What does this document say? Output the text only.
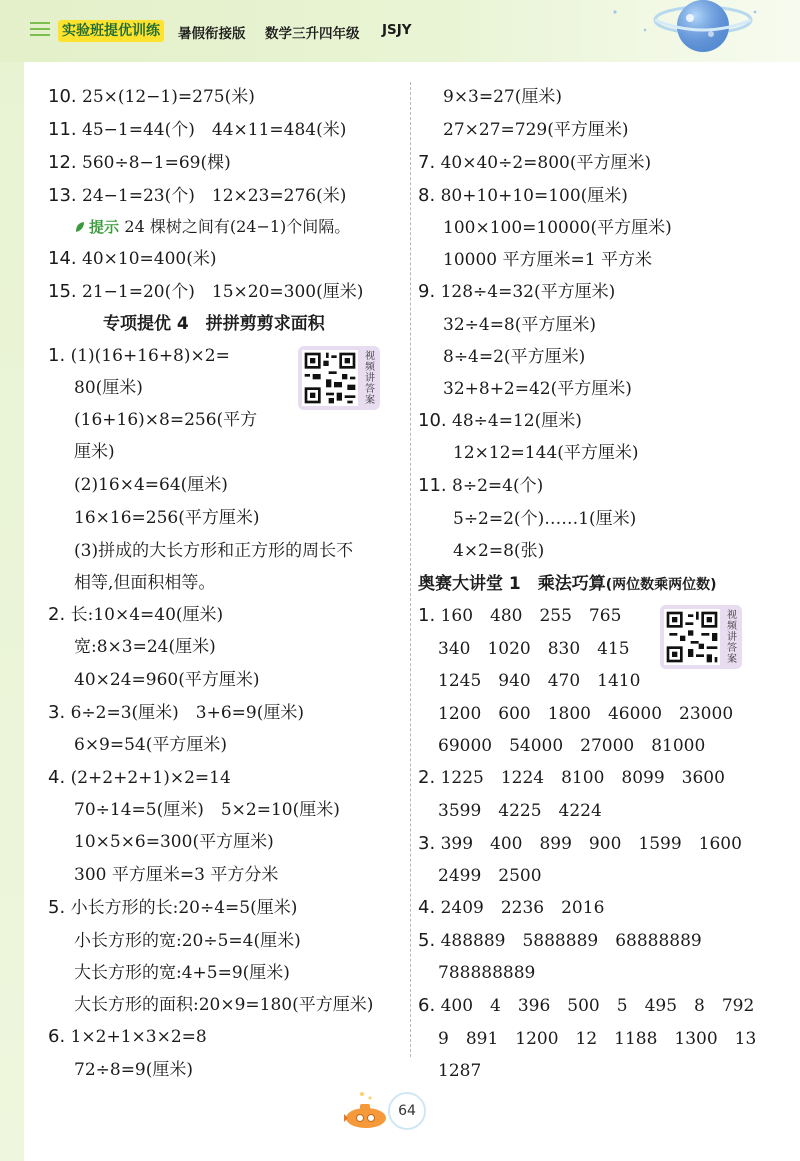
实验班提优训练 暑假衔接版 数学三升四年级 JSJY
10. 25×(12−1)=275(米)
11. 45−1=44(个)　44×11=484(米)
12. 560÷8−1=69(棵)
13. 24−1=23(个)　12×23=276(米)
提示 24 棵树之间有(24−1)个间隔。
14. 40×10=400(米)
15. 21−1=20(个)　15×20=300(厘米)
专项提优 4　拼拼剪剪求面积
1. (1)(16+16+8)×2=
80(厘米)
(16+16)×8=256(平方
厘米)
(2)16×4=64(厘米)
16×16=256(平方厘米)
(3)拼成的大长方形和正方形的周长不
相等,但面积相等。
2. 长:10×4=40(厘米)
宽:8×3=24(厘米)
40×24=960(平方厘米)
3. 6÷2=3(厘米)　3+6=9(厘米)
6×9=54(平方厘米)
4. (2+2+2+1)×2=14
70÷14=5(厘米)　5×2=10(厘米)
10×5×6=300(平方厘米)
300 平方厘米=3 平方分米
5. 小长方形的长:20÷4=5(厘米)
小长方形的宽:20÷5=4(厘米)
大长方形的宽:4+5=9(厘米)
大长方形的面积:20×9=180(平方厘米)
6. 1×2+1×3×2=8
72÷8=9(厘米)
视频讲答案
9×3=27(厘米)
27×27=729(平方厘米)
7. 40×40÷2=800(平方厘米)
8. 80+10+10=100(厘米)
100×100=10000(平方厘米)
10000 平方厘米=1 平方米
9. 128÷4=32(平方厘米)
32÷4=8(平方厘米)
8÷4=2(平方厘米)
32+8+2=42(平方厘米)
10. 48÷4=12(厘米)
12×12=144(平方厘米)
11. 8÷2=4(个)
5÷2=2(个)……1(厘米)
4×2=8(张)
奥赛大讲堂 1　乘法巧算(两位数乘两位数)
1. 160　480　255　765
340　1020　830　415
1245　940　470　1410
1200　600　1800　46000　23000
69000　54000　27000　81000
2. 1225　1224　8100　8099　3600
3599　4225　4224
3. 399　400　899　900　1599　1600
2499　2500
4. 2409　2236　2016
5. 488889　5888889　68888889
788888889
6. 400　4　396　500　5　495　8　792
9　891　1200　12　1188　1300　13
1287
视频讲答案
64
